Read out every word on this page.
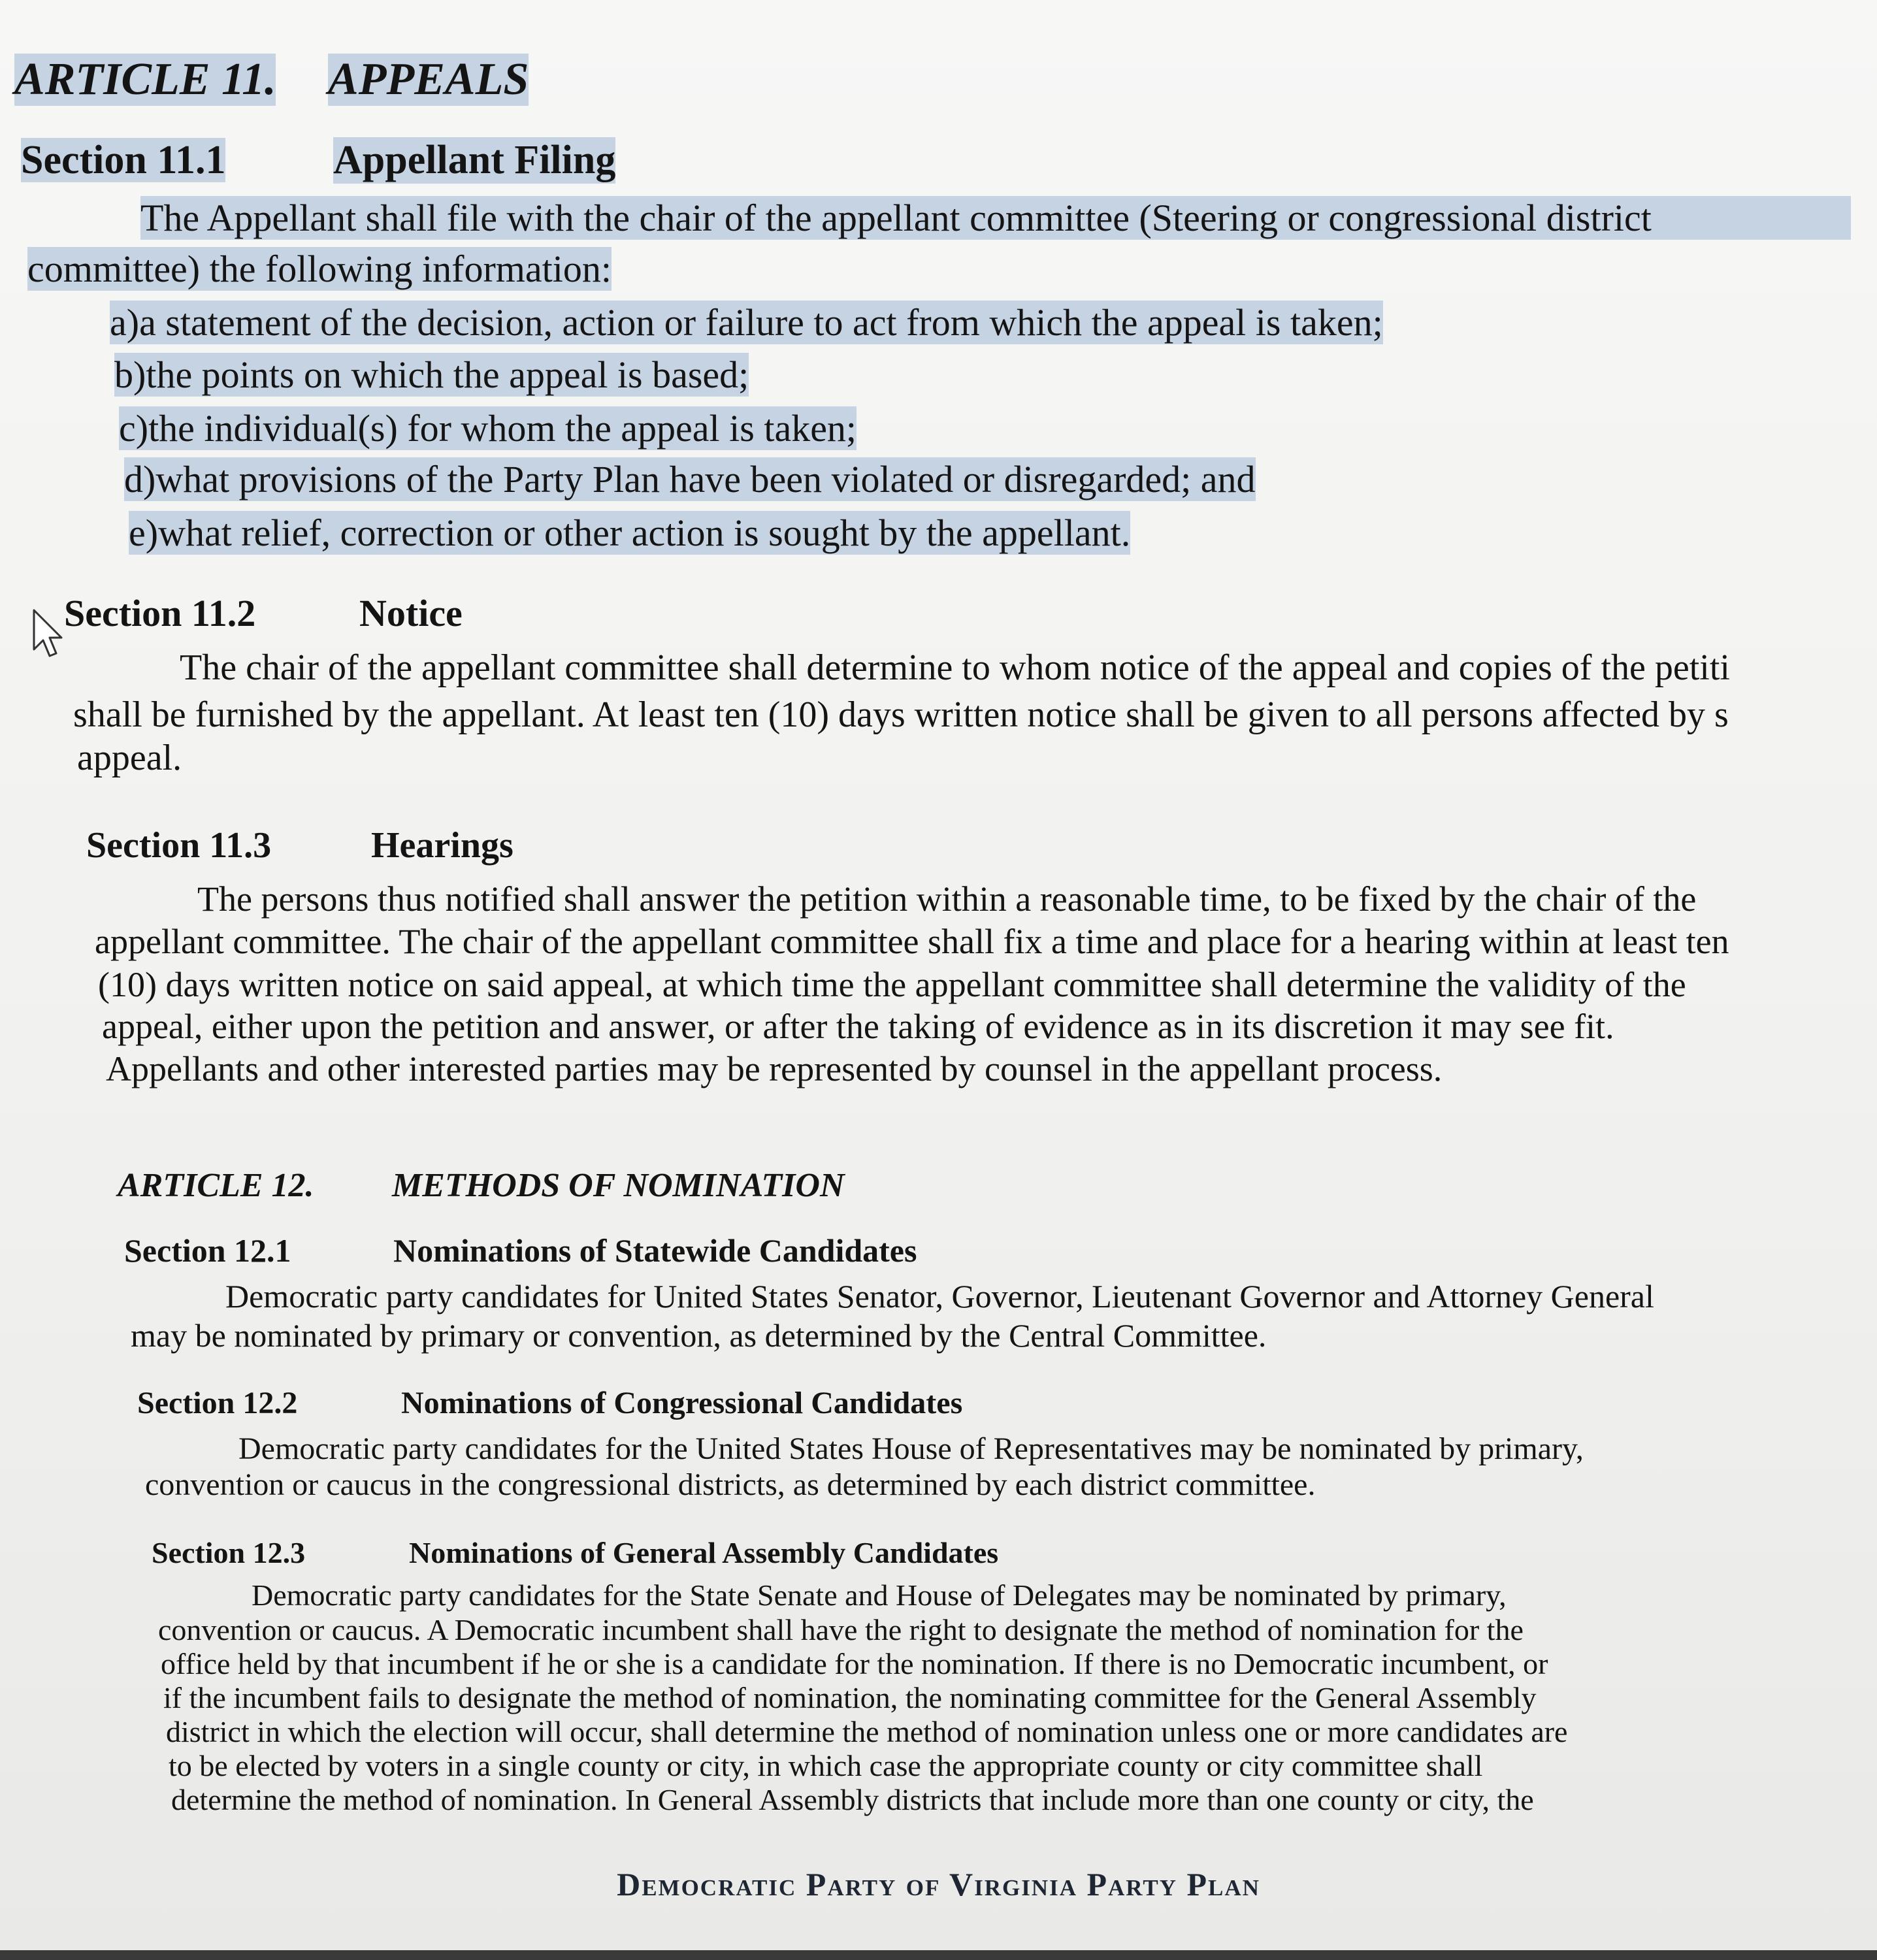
ARTICLE 11. APPEALS
Section 11.1	Appellant Filing
The Appellant shall file with the chair of the appellant committee (Steering or congressional district
committee) the following information:
a)a statement of the decision, action or failure to act from which the appeal is taken;
b)the points on which the appeal is based;
c)the individual(s) for whom the appeal is taken;
d)what provisions of the Party Plan have been violated or disregarded; and
e)what relief, correction or other action is sought by the appellant.
Section 11.2	Notice
The chair of the appellant committee shall determine to whom notice of the appeal and copies of the petiti
shall be furnished by the appellant. At least ten (10) days written notice shall be given to all persons affected by s
appeal.
Section 11.3	Hearings
The persons thus notified shall answer the petition within a reasonable time, to be fixed by the chair of the
appellant committee. The chair of the appellant committee shall fix a time and place for a hearing within at least ten
(10) days written notice on said appeal, at which time the appellant committee shall determine the validity of the
appeal, either upon the petition and answer, or after the taking of evidence as in its discretion it may see fit.
Appellants and other interested parties may be represented by counsel in the appellant process.
ARTICLE 12. METHODS OF NOMINATION
Section 12.1	Nominations of Statewide Candidates
Democratic party candidates for United States Senator, Governor, Lieutenant Governor and Attorney General
may be nominated by primary or convention, as determined by the Central Committee.
Section 12.2	Nominations of Congressional Candidates
Democratic party candidates for the United States House of Representatives may be nominated by primary,
convention or caucus in the congressional districts, as determined by each district committee.
Section 12.3	Nominations of General Assembly Candidates
Democratic party candidates for the State Senate and House of Delegates may be nominated by primary,
convention or caucus. A Democratic incumbent shall have the right to designate the method of nomination for the
office held by that incumbent if he or she is a candidate for the nomination. If there is no Democratic incumbent, or
if the incumbent fails to designate the method of nomination, the nominating committee for the General Assembly
district in which the election will occur, shall determine the method of nomination unless one or more candidates are
to be elected by voters in a single county or city, in which case the appropriate county or city committee shall
determine the method of nomination. In General Assembly districts that include more than one county or city, the
Democratic Party of Virginia Party Plan
